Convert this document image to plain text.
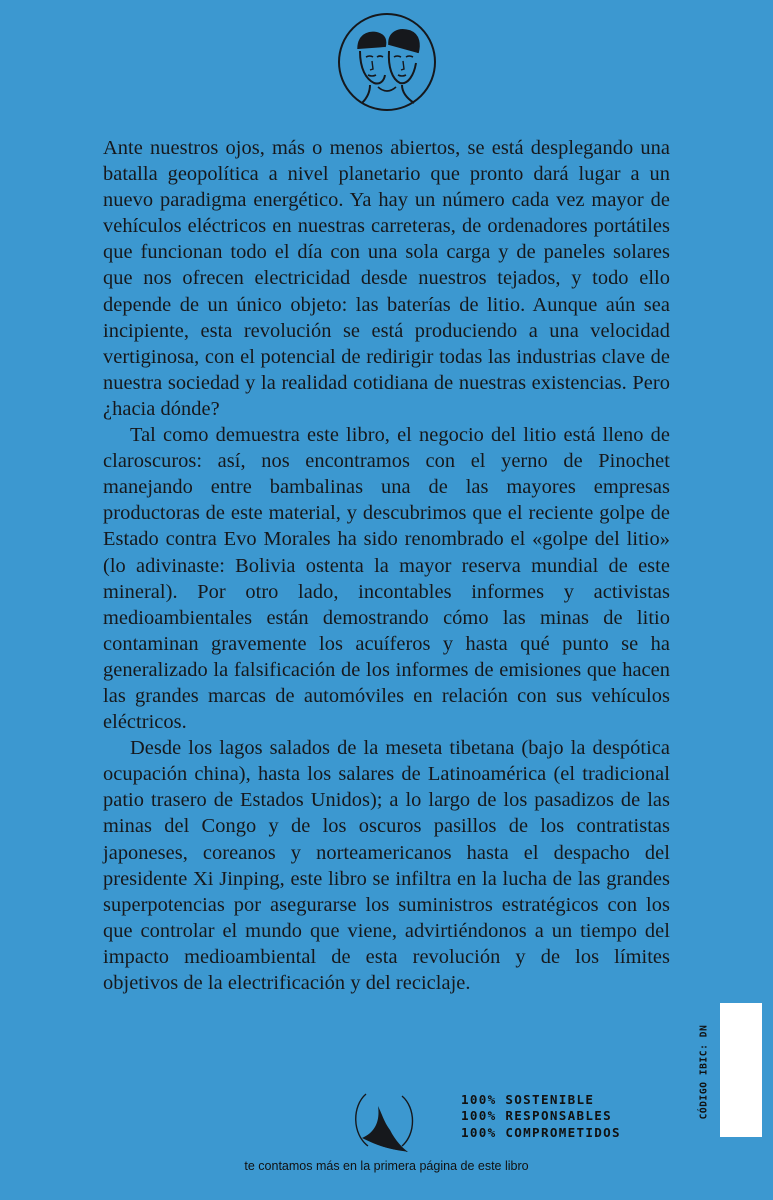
Ante nuestros ojos, más o menos abiertos, se está desplegando una batalla geopolítica a nivel planetario que pronto dará lugar a un nuevo paradigma energético. Ya hay un número cada vez mayor de vehículos eléctricos en nuestras carreteras, de ordenadores portátiles que funcionan todo el día con una sola carga y de paneles solares que nos ofrecen electricidad desde nuestros tejados, y todo ello depende de un único objeto: las baterías de litio. Aunque aún sea incipiente, esta revolución se está produciendo a una velocidad vertiginosa, con el potencial de redirigir todas las industrias clave de nuestra sociedad y la realidad cotidiana de nuestras existencias. Pero ¿hacia dónde?

Tal como demuestra este libro, el negocio del litio está lleno de claroscuros: así, nos encontramos con el yerno de Pinochet manejando entre bambalinas una de las mayores empresas productoras de este material, y descubrimos que el reciente golpe de Estado contra Evo Morales ha sido renombrado el «golpe del litio» (lo adivinaste: Bolivia ostenta la mayor reserva mundial de este mineral). Por otro lado, incontables informes y activistas medioambientales están demostrando cómo las minas de litio contaminan gravemente los acuíferos y hasta qué punto se ha generalizado la falsificación de los informes de emisiones que hacen las grandes marcas de automóviles en relación con sus vehículos eléctricos.

Desde los lagos salados de la meseta tibetana (bajo la despótica ocupación china), hasta los salares de Latinoamérica (el tradicional patio trasero de Estados Unidos); a lo largo de los pasadizos de las minas del Congo y de los oscuros pasillos de los contratistas japoneses, coreanos y norteamericanos hasta el despacho del presidente Xi Jinping, este libro se infiltra en la lucha de las grandes superpotencias por asegurarse los suministros estratégicos con los que controlar el mundo que viene, advirtiéndonos a un tiempo del impacto medioambiental de esta revolución y de los límites objetivos de la electrificación y del reciclaje.

CÓDIGO IBIC: DN
100% SOSTENIBLE
100% RESPONSABLES
100% COMPROMETIDOS
te contamos más en la primera página de este libro
